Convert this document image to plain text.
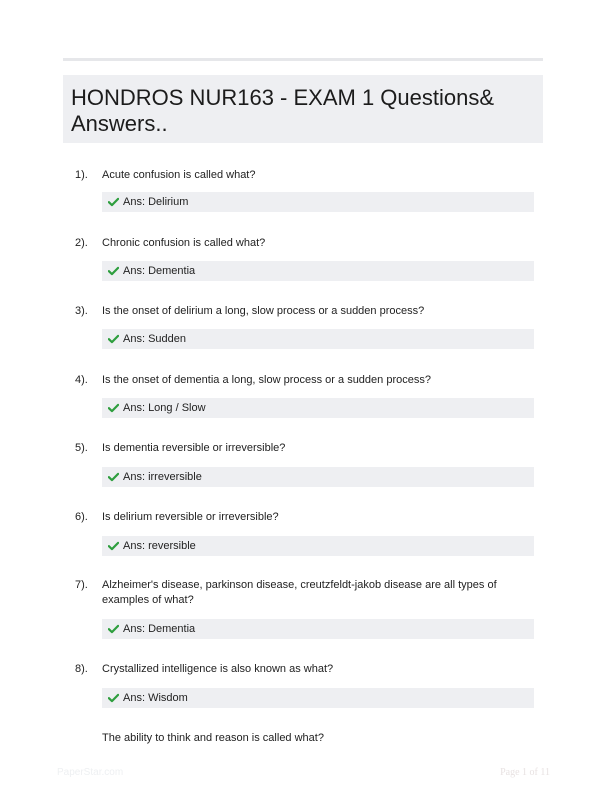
HONDROS NUR163 - EXAM 1 Questions& Answers..
1). Acute confusion is called what?
Ans: Delirium
2). Chronic confusion is called what?
Ans: Dementia
3). Is the onset of delirium a long, slow process or a sudden process?
Ans: Sudden
4). Is the onset of dementia a long, slow process or a sudden process?
Ans: Long / Slow
5). Is dementia reversible or irreversible?
Ans: irreversible
6). Is delirium reversible or irreversible?
Ans: reversible
7). Alzheimer's disease, parkinson disease, creutzfeldt-jakob disease are all types of examples of what?
Ans: Dementia
8). Crystallized intelligence is also known as what?
Ans: Wisdom
The ability to think and reason is called what?
PaperStar.com	Page 1 of 11
